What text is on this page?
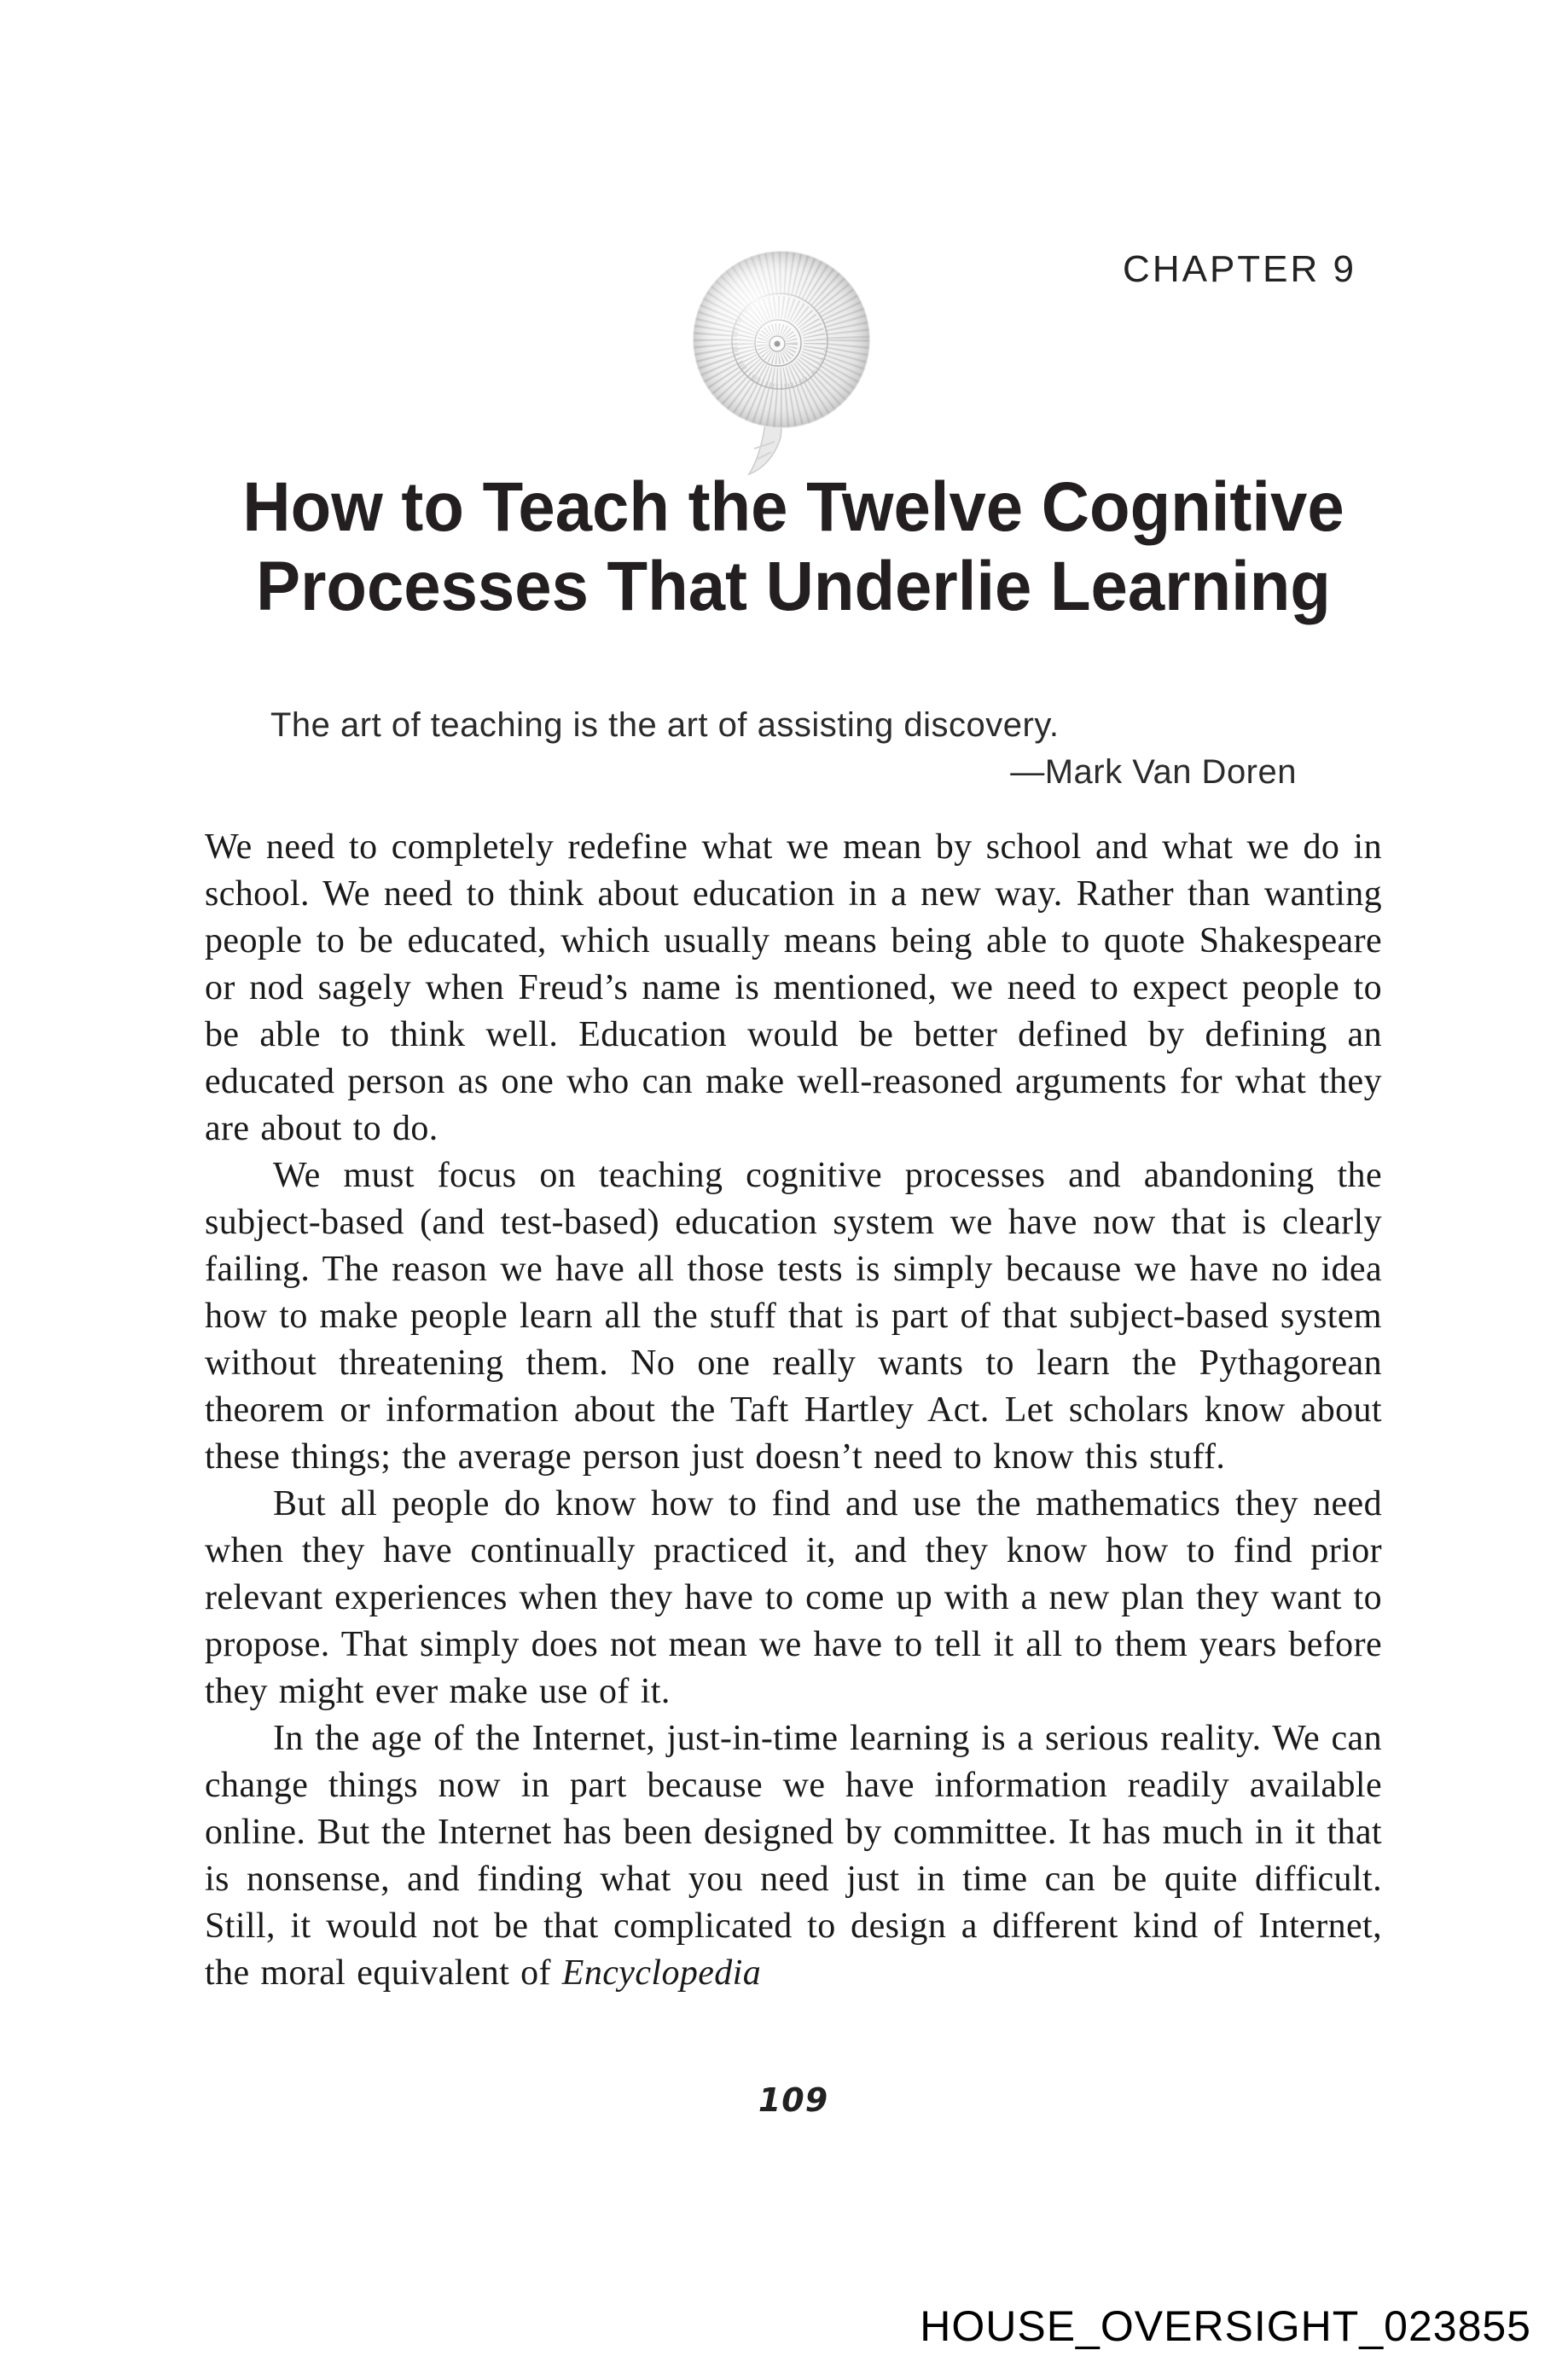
CHAPTER 9
How to Teach the Twelve Cognitive
Processes That Underlie Learning
The art of teaching is the art of assisting discovery.
—Mark Van Doren

We need to completely redefine what we mean by school and what we do in school. We need to think about education in a new way. Rather than wanting people to be educated, which usually means being able to quote Shakespeare or nod sagely when Freud’s name is mentioned, we need to expect people to be able to think well. Education would be better defined by defining an educated person as one who can make well-reasoned arguments for what they are about to do.

We must focus on teaching cognitive processes and abandoning the subject-based (and test-based) education system we have now that is clearly failing. The reason we have all those tests is simply because we have no idea how to make people learn all the stuff that is part of that subject-based system without threatening them. No one really wants to learn the Pythagorean theorem or information about the Taft Hartley Act. Let scholars know about these things; the average person just doesn’t need to know this stuff.

But all people do know how to find and use the mathematics they need when they have continually practiced it, and they know how to find prior relevant experiences when they have to come up with a new plan they want to propose. That simply does not mean we have to tell it all to them years before they might ever make use of it.

In the age of the Internet, just-in-time learning is a serious reality. We can change things now in part because we have information readily available online. But the Internet has been designed by committee. It has much in it that is nonsense, and finding what you need just in time can be quite difficult. Still, it would not be that complicated to design a different kind of Internet, the moral equivalent of Encyclopedia

109
HOUSE_OVERSIGHT_023855
